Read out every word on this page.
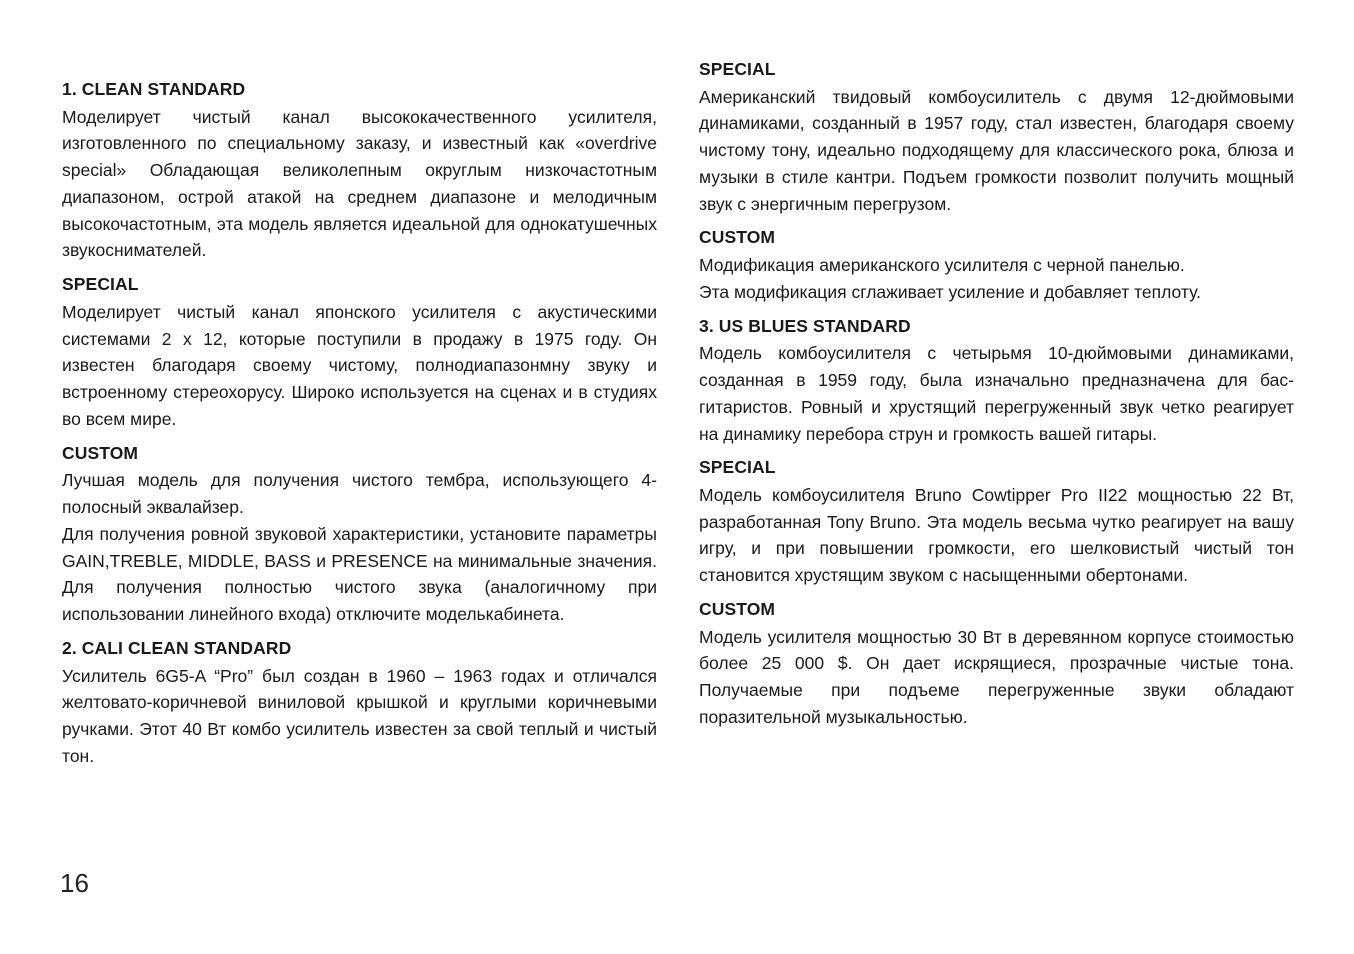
1. CLEAN STANDARD

Моделирует чистый канал высококачественного усилителя, изготовленного по специальному заказу, и известный как «overdrive special» Обладающая великолепным округлым низкочастотным диапазоном, острой атакой на среднем диапазоне и мелодичным высокочастотным, эта модель является идеальной для однокатушечных звукоснимателей.

SPECIAL

Моделирует чистый канал японского усилителя с акустическими системами 2 х 12, которые поступили в продажу в 1975 году. Он известен благодаря своему чистому, полнодиапазонмну звуку и встроенному стереохорусу. Широко используется на сценах и в студиях во всем мире.

CUSTOM

Лучшая модель для получения чистого тембра, использующего 4-полосный эквалайзер.

Для получения ровной звуковой характеристики, установите параметры GAIN,TREBLE, MIDDLE, BASS и PRESENCE на минимальные значения. Для получения полностью чистого звука (аналогичному при использовании линейного входа) отключите моделькабинета.

2. CALI CLEAN STANDARD

Усилитель 6G5-A “Pro” был создан в 1960 – 1963 годах и отличался желтовато-коричневой виниловой крышкой и круглыми коричневыми ручками. Этот 40 Вт комбо усилитель известен за свой теплый и чистый тон.

SPECIAL

Американский твидовый комбоусилитель с двумя 12-дюймовыми динамиками, созданный в 1957 году, стал известен, благодаря своему чистому тону, идеально подходящему для классического рока, блюза и музыки в стиле кантри. Подъем громкости позволит получить мощный звук с энергичным перегрузом.

CUSTOM

Модификация американского усилителя с черной панелью.

Эта модификация сглаживает усиление и добавляет теплоту.

3. US BLUES STANDARD

Модель комбоусилителя с четырьмя 10-дюймовыми динамиками, созданная в 1959 году, была изначально предназначена для бас-гитаристов. Ровный и хрустящий перегруженный звук четко реагирует на динамику перебора струн и громкость вашей гитары.

SPECIAL

Модель комбоусилителя Bruno Cowtipper Pro II22 мощностью 22 Вт, разработанная Tony Bruno. Эта модель весьма чутко реагирует на вашу игру, и при повышении громкости, его шелковистый чистый тон становится хрустящим звуком с насыщенными обертонами.

CUSTOM

Модель усилителя мощностью 30 Вт в деревянном корпусе стоимостью более 25 000 $. Он дает искрящиеся, прозрачные чистые тона. Получаемые при подъеме перегруженные звуки обладают поразительной музыкальностью.

16
